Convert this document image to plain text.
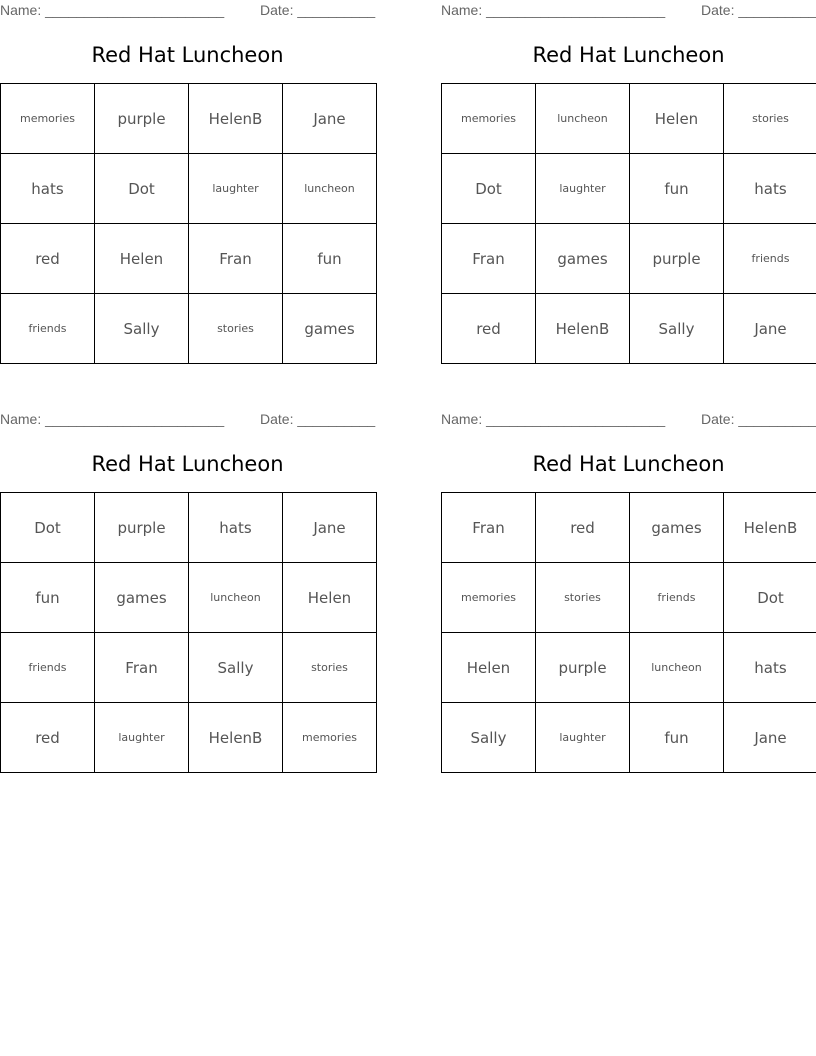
Name: _______________________	Date: __________
Red Hat Luncheon
memories	purple	HelenB	Jane
hats	Dot	laughter	luncheon
red	Helen	Fran	fun
friends	Sally	stories	games
Name: _______________________	Date: __________
Red Hat Luncheon
memories	luncheon	Helen	stories
Dot	laughter	fun	hats
Fran	games	purple	friends
red	HelenB	Sally	Jane
Name: _______________________	Date: __________
Red Hat Luncheon
Dot	purple	hats	Jane
fun	games	luncheon	Helen
friends	Fran	Sally	stories
red	laughter	HelenB	memories
Name: _______________________	Date: __________
Red Hat Luncheon
Fran	red	games	HelenB
memories	stories	friends	Dot
Helen	purple	luncheon	hats
Sally	laughter	fun	Jane
